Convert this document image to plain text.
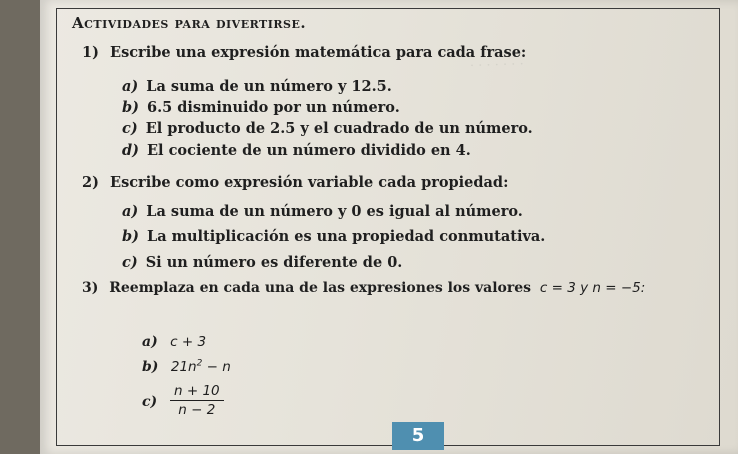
· · · · · · ·
Actividades para divertirse.
1) Escribe una expresión matemática para cada frase:
a) La suma de un número y 12.5.
b) 6.5 disminuido por un número.
c) El producto de 2.5 y el cuadrado de un número.
d) El cociente de un número dividido en 4.
2) Escribe como expresión variable cada propiedad:
a) La suma de un número y 0 es igual al número.
b) La multiplicación es una propiedad conmutativa.
c) Si un número es diferente de 0.
3) Reemplaza en cada una de las expresiones los valores c = 3 y n = −5:
a) c + 3
b) $21n^2 - n$
$c) \frac{n + 10}{n - 2}$
5
